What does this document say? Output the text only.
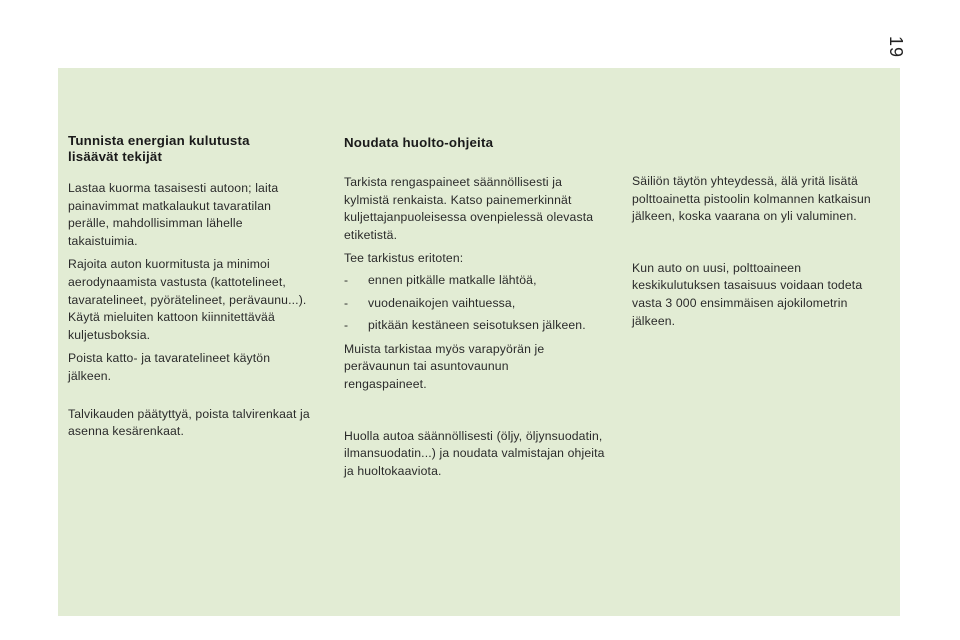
19
Tunnista energian kulutusta lisäävät tekijät

Lastaa kuorma tasaisesti autoon; laita painavimmat matkalaukut tavaratilan perälle, mahdollisimman lähelle takaistuimia.

Rajoita auton kuormitusta ja minimoi aerodynaamista vastusta (kattotelineet, tavaratelineet, pyörätelineet, perävaunu...). Käytä mieluiten kattoon kiinnitettävää kuljetusboksia.

Poista katto- ja tavaratelineet käytön jälkeen.

Talvikauden päätyttyä, poista talvirenkaat ja asenna kesärenkaat.

Noudata huolto-ohjeita

Tarkista rengaspaineet säännöllisesti ja kylmistä renkaista. Katso painemerkinnät kuljettajanpuoleisessa ovenpielessä olevasta etiketistä.

Tee tarkistus eritoten:

-	ennen pitkälle matkalle lähtöä,
-	vuodenaikojen vaihtuessa,
-	pitkään kestäneen seisotuksen jälkeen.

Muista tarkistaa myös varapyörän je perävaunun tai asuntovaunun rengaspaineet.

Huolla autoa säännöllisesti (öljy, öljynsuodatin, ilmansuodatin...) ja noudata valmistajan ohjeita ja huoltokaaviota.

Säiliön täytön yhteydessä, älä yritä lisätä polttoainetta pistoolin kolmannen katkaisun jälkeen, koska vaarana on yli valuminen.

Kun auto on uusi, polttoaineen keskikulutuksen tasaisuus voidaan todeta vasta 3 000 ensimmäisen ajokilometrin jälkeen.
